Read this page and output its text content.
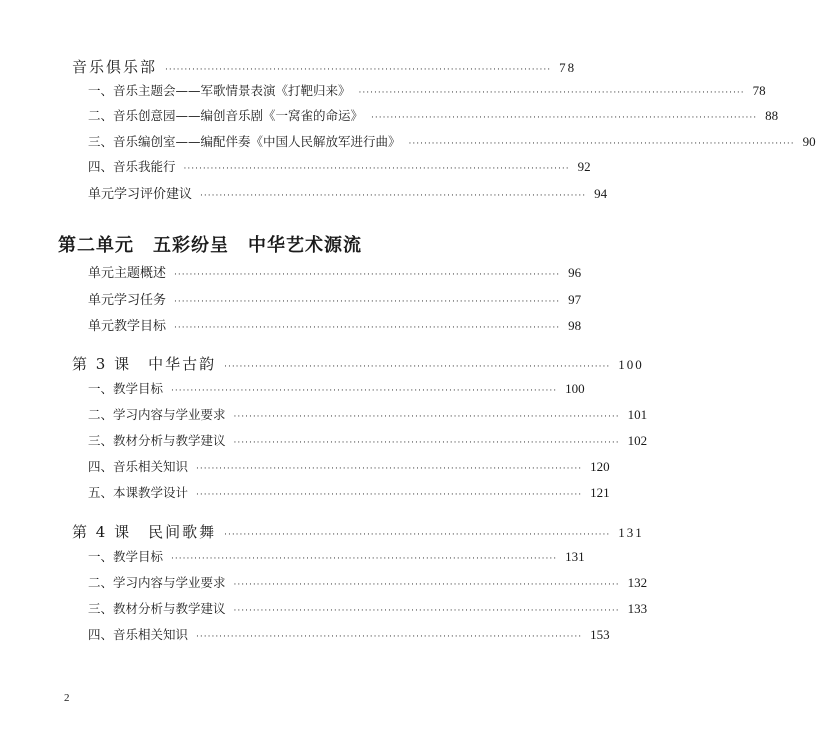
音乐俱乐部 ···································································································· 78
一、音乐主题会——军歌情景表演《打靶归来》 ···································································································· 78
二、音乐创意园——编创音乐剧《一窝雀的命运》 ···································································································· 88
三、音乐编创室——编配伴奏《中国人民解放军进行曲》 ···································································································· 90
四、音乐我能行 ···································································································· 92
单元学习评价建议 ···································································································· 94
第二单元　五彩纷呈　中华艺术源流
单元主题概述 ···································································································· 96
单元学习任务 ···································································································· 97
单元教学目标 ···································································································· 98
第 3 课　中华古韵 ···································································································· 100
一、教学目标 ···································································································· 100
二、学习内容与学业要求 ···································································································· 101
三、教材分析与教学建议 ···································································································· 102
四、音乐相关知识 ···································································································· 120
五、本课教学设计 ···································································································· 121
第 4 课　民间歌舞 ···································································································· 131
一、教学目标 ···································································································· 131
二、学习内容与学业要求 ···································································································· 132
三、教材分析与教学建议 ···································································································· 133
四、音乐相关知识 ···································································································· 153
2
